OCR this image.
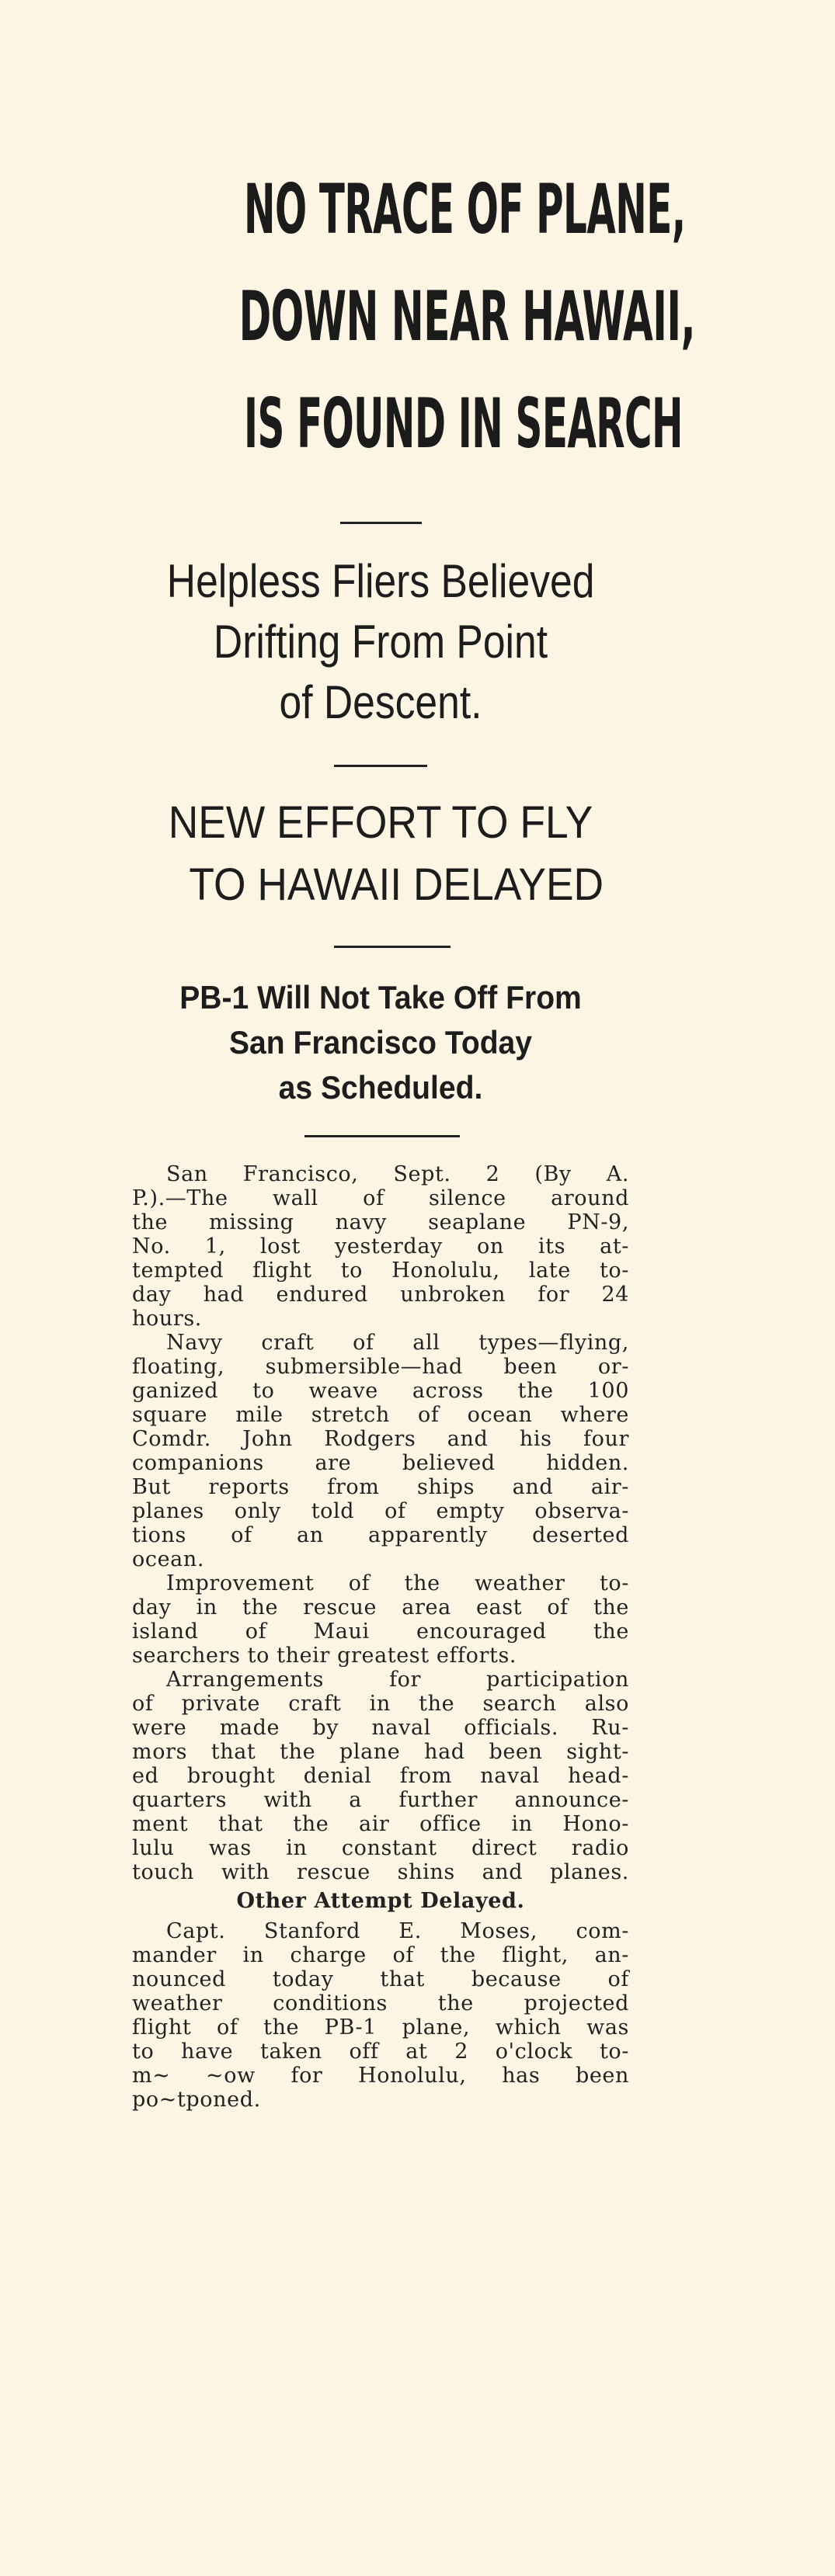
NO TRACE OF PLANE,
DOWN NEAR HAWAII,
IS FOUND IN SEARCH
Helpless Fliers Believed
Drifting From Point
of Descent.
NEW EFFORT TO FLY
TO HAWAII DELAYED
PB-1 Will Not Take Off From
San Francisco Today
as Scheduled.
San Francisco, Sept. 2 (By A.
P.).—The wall of silence around
the missing navy seaplane PN-9,
No. 1, lost yesterday on its at-
tempted flight to Honolulu, late to-
day had endured unbroken for 24
hours.
Navy craft of all types—flying,
floating, submersible—had been or-
ganized to weave across the 100
square mile stretch of ocean where
Comdr. John Rodgers and his four
companions are believed hidden.
But reports from ships and air-
planes only told of empty observa-
tions of an apparently deserted
ocean.
Improvement of the weather to-
day in the rescue area east of the
island of Maui encouraged the
searchers to their greatest efforts.
Arrangements for participation
of private craft in the search also
were made by naval officials. Ru-
mors that the plane had been sight-
ed brought denial from naval head-
quarters with a further announce-
ment that the air office in Hono-
lulu was in constant direct radio
touch with rescue shins and planes.
Other Attempt Delayed.
Capt. Stanford E. Moses, com-
mander in charge of the flight, an-
nounced today that because of
weather conditions the projected
flight of the PB-1 plane, which was
to have taken off at 2 o'clock to-
m~ ~ow for Honolulu, has been
po~tponed.
